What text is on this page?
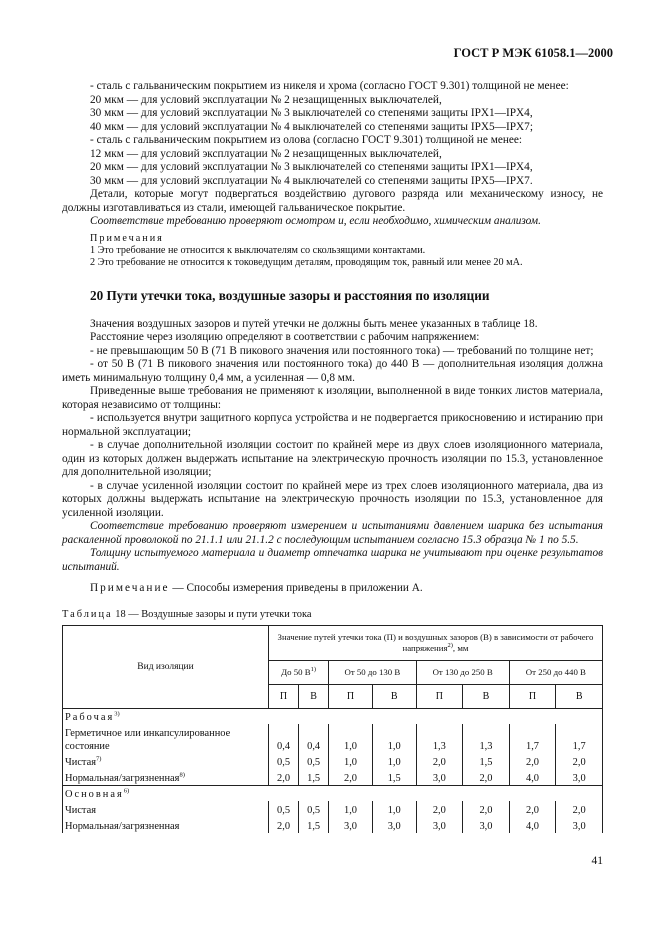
ГОСТ Р МЭК 61058.1—2000

- сталь с гальваническим покрытием из никеля и хрома (согласно ГОСТ 9.301) толщиной не менее:

20 мкм — для условий эксплуатации № 2 незащищенных выключателей,

30 мкм — для условий эксплуатации № 3 выключателей со степенями защиты IPX1—IPX4,

40 мкм — для условий эксплуатации № 4 выключателей со степенями защиты IPX5—IPX7;

- сталь с гальваническим покрытием из олова (согласно ГОСТ 9.301) толщиной не менее:

12 мкм — для условий эксплуатации № 2 незащищенных выключателей,

20 мкм — для условий эксплуатации № 3 выключателей со степенями защиты IPX1—IPX4,

30 мкм — для условий эксплуатации № 4 выключателей со степенями защиты IPX5—IPX7.

Детали, которые могут подвергаться воздействию дугового разряда или механическому износу, не должны изготавливаться из стали, имеющей гальваническое покрытие.

Соответствие требованию проверяют осмотром и, если необходимо, химическим анализом.

Примечания

1 Это требование не относится к выключателям со скользящими контактами.

2 Это требование не относится к токоведущим деталям, проводящим ток, равный или менее 20 мА.

20 Пути утечки тока, воздушные зазоры и расстояния по изоляции

Значения воздушных зазоров и путей утечки не должны быть менее указанных в таблице 18.

Расстояние через изоляцию определяют в соответствии с рабочим напряжением:

- не превышающим 50 В (71 В пикового значения или постоянного тока) — требований по толщине нет;

- от 50 В (71 В пикового значения или постоянного тока) до 440 В — дополнительная изоляция должна иметь минимальную толщину 0,4 мм, а усиленная — 0,8 мм.

Приведенные выше требования не применяют к изоляции, выполненной в виде тонких листов материала, которая независимо от толщины:

- используется внутри защитного корпуса устройства и не подвергается прикосновению и истиранию при нормальной эксплуатации;

- в случае дополнительной изоляции состоит по крайней мере из двух слоев изоляционного материала, один из которых должен выдержать испытание на электрическую прочность изоляции по 15.3, установленное для дополнительной изоляции;

- в случае усиленной изоляции состоит по крайней мере из трех слоев изоляционного материала, два из которых должны выдержать испытание на электрическую прочность изоляции по 15.3, установленное для усиленной изоляции.

Соответствие требованию проверяют измерением и испытаниями давлением шарика без испытания раскаленной проволокой по 21.1.1 или 21.1.2 с последующим испытанием согласно 15.3 образца № 1 по 5.5.

Толщину испытуемого материала и диаметр отпечатка шарика не учитывают при оценке результатов испытаний.

Примечание — Способы измерения приведены в приложении А.

Таблица 18 — Воздушные зазоры и пути утечки тока
Вид изоляции	Значение путей утечки тока (П) и воздушных зазоров (В) в зависимости от рабочего напряжения$^{2)}$, мм							
	До 50 $В^{1)}$		От 50 до 130 В		От 130 до 250 В		От 250 до 440 В	
	П	В	П	В	П	В	П	В
Рабочая$^{3)}$
Герметичное или инкапсулированное состояние	0,4	0,4	1,0	1,0	1,3	1,3	1,7	1,7
Чистая$^{7)}$	0,5	0,5	1,0	1,0	2,0	1,5	2,0	2,0
Нормальная/загрязненная$^{8)}$	2,0	1,5	2,0	1,5	3,0	2,0	4,0	3,0
Основная$^{6)}$
Чистая	0,5	0,5	1,0	1,0	2,0	2,0	2,0	2,0
Нормальная/загрязненная	2,0	1,5	3,0	3,0	3,0	3,0	4,0	3,0
41
